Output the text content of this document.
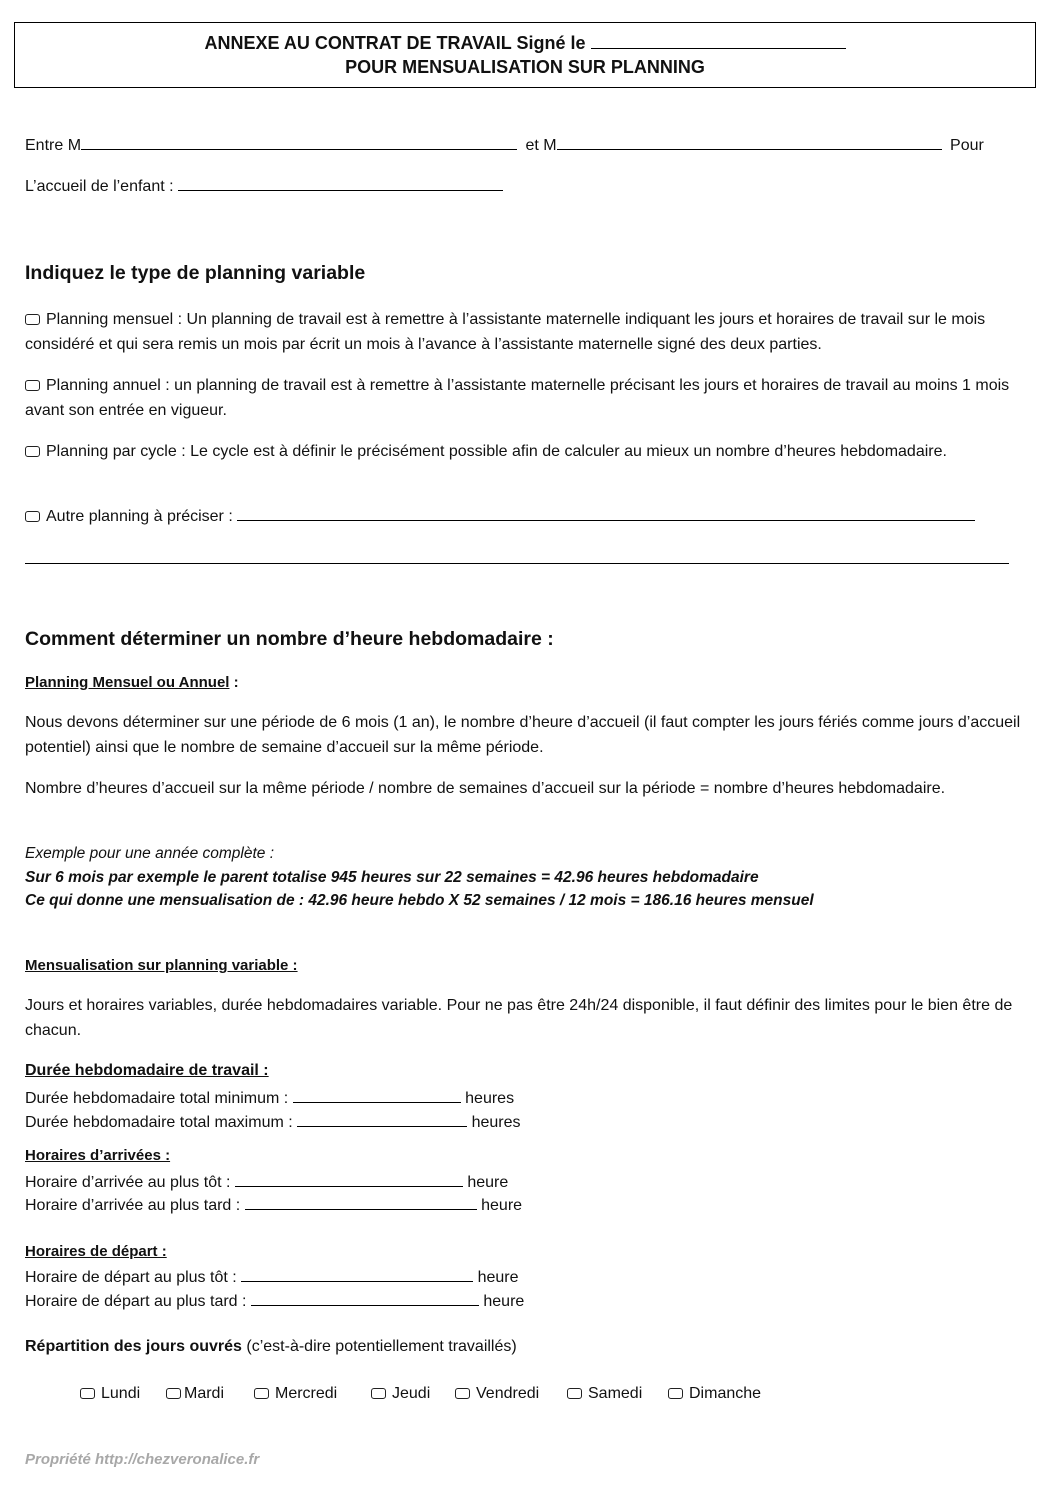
ANNEXE AU CONTRAT DE TRAVAIL Signé le
POUR MENSUALISATION SUR PLANNING
Entre M	et M	Pour
L’accueil de l’enfant :
Indiquez le type de planning variable
Planning mensuel : Un planning de travail est à remettre à l’assistante maternelle indiquant les jours et horaires de travail sur le mois considéré et qui sera remis un mois par écrit un mois à l’avance à l’assistante maternelle signé des deux parties.
Planning annuel : un planning de travail est à remettre à l’assistante maternelle précisant les jours et horaires de travail au moins 1 mois avant son entrée en vigueur.
Planning par cycle : Le cycle est à définir le précisément possible afin de calculer au mieux un nombre d’heures hebdomadaire.
Autre planning à préciser :
Comment déterminer un nombre d’heure hebdomadaire :
Planning Mensuel ou Annuel :
Nous devons déterminer sur une période de 6 mois (1 an), le nombre d’heure d’accueil (il faut compter les jours fériés comme jours d’accueil potentiel) ainsi que le nombre de semaine d’accueil sur la même période.
Nombre d’heures d’accueil sur la même période / nombre de semaines d’accueil sur la période = nombre d’heures hebdomadaire.
Exemple pour une année complète :
Sur 6 mois par exemple le parent totalise 945 heures sur 22 semaines = 42.96 heures hebdomadaire
Ce qui donne une mensualisation de : 42.96 heure hebdo X 52 semaines / 12 mois = 186.16 heures mensuel
Mensualisation sur planning variable :
Jours et horaires variables, durée hebdomadaires variable. Pour ne pas être 24h/24 disponible, il faut définir des limites pour le bien être de chacun.
Durée hebdomadaire de travail :
Durée hebdomadaire total minimum :	heures
Durée hebdomadaire total maximum :	heures
Horaires d’arrivées :
Horaire d’arrivée au plus tôt :	heure
Horaire d’arrivée au plus tard :	heure
Horaires de départ :
Horaire de départ au plus tôt :	heure
Horaire de départ au plus tard :	heure
Répartition des jours ouvrés (c’est-à-dire potentiellement travaillés)
Lundi	Mardi	Mercredi	Jeudi	Vendredi	Samedi	Dimanche
Propriété http://chezveronalice.fr
